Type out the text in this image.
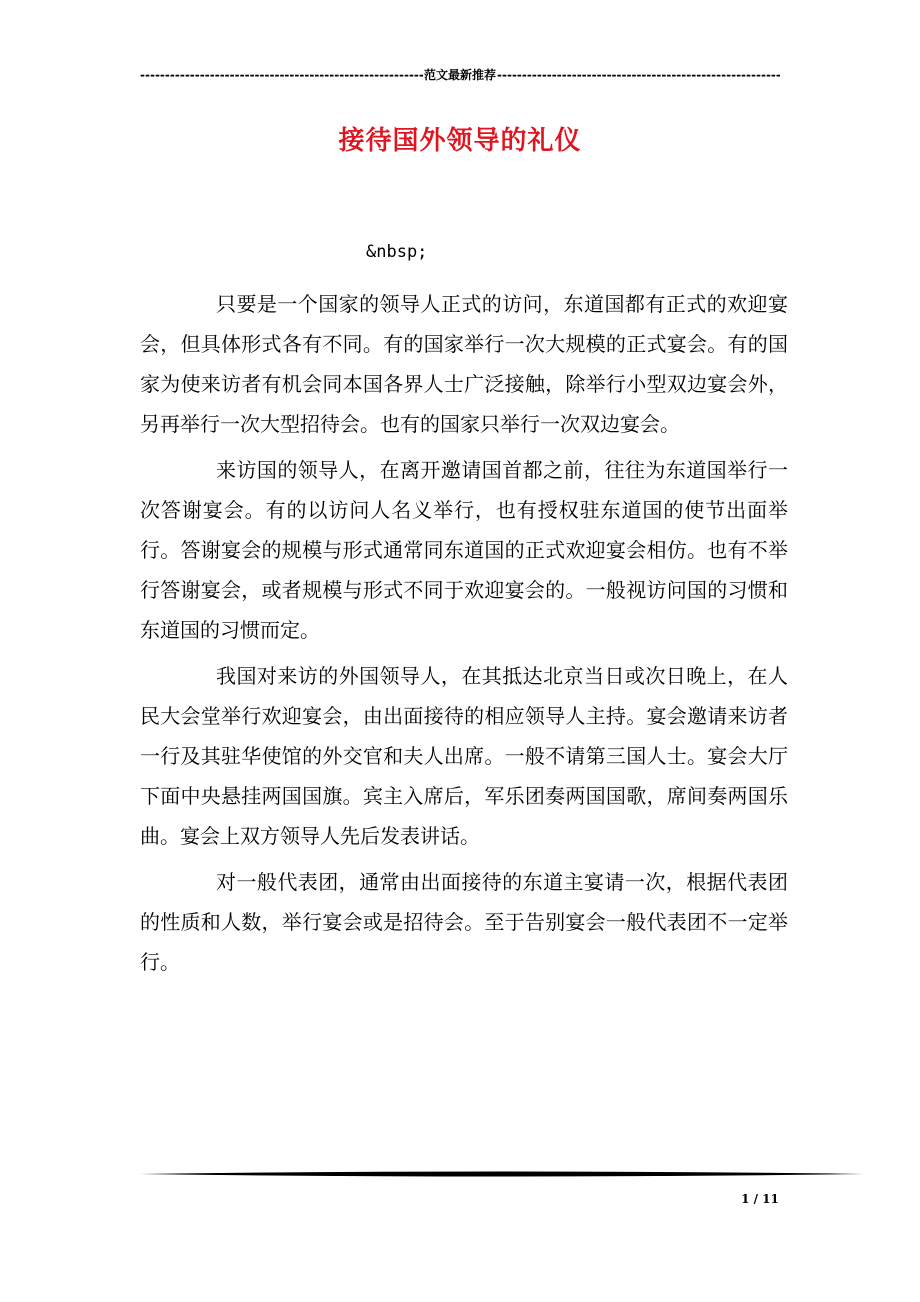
-----
范文最新推荐
-----
接待国外领导的礼仪
&nbsp;

只要是一个国家的领导人正式的访问，东道国都有正式的欢迎宴会，但具体形式各有不同。有的国家举行一次大规模的正式宴会。有的国家为使来访者有机会同本国各界人士广泛接触，除举行小型双边宴会外，另再举行一次大型招待会。也有的国家只举行一次双边宴会。

来访国的领导人，在离开邀请国首都之前，往往为东道国举行一次答谢宴会。有的以访问人名义举行，也有授权驻东道国的使节出面举行。答谢宴会的规模与形式通常同东道国的正式欢迎宴会相仿。也有不举行答谢宴会，或者规模与形式不同于欢迎宴会的。一般视访问国的习惯和东道国的习惯而定。

我国对来访的外国领导人，在其抵达北京当日或次日晚上，在人民大会堂举行欢迎宴会，由出面接待的相应领导人主持。宴会邀请来访者一行及其驻华使馆的外交官和夫人出席。一般不请第三国人士。宴会大厅下面中央悬挂两国国旗。宾主入席后，军乐团奏两国国歌，席间奏两国乐曲。宴会上双方领导人先后发表讲话。

对一般代表团，通常由出面接待的东道主宴请一次，根据代表团的性质和人数，举行宴会或是招待会。至于告别宴会一般代表团不一定举行。

1 / 11
